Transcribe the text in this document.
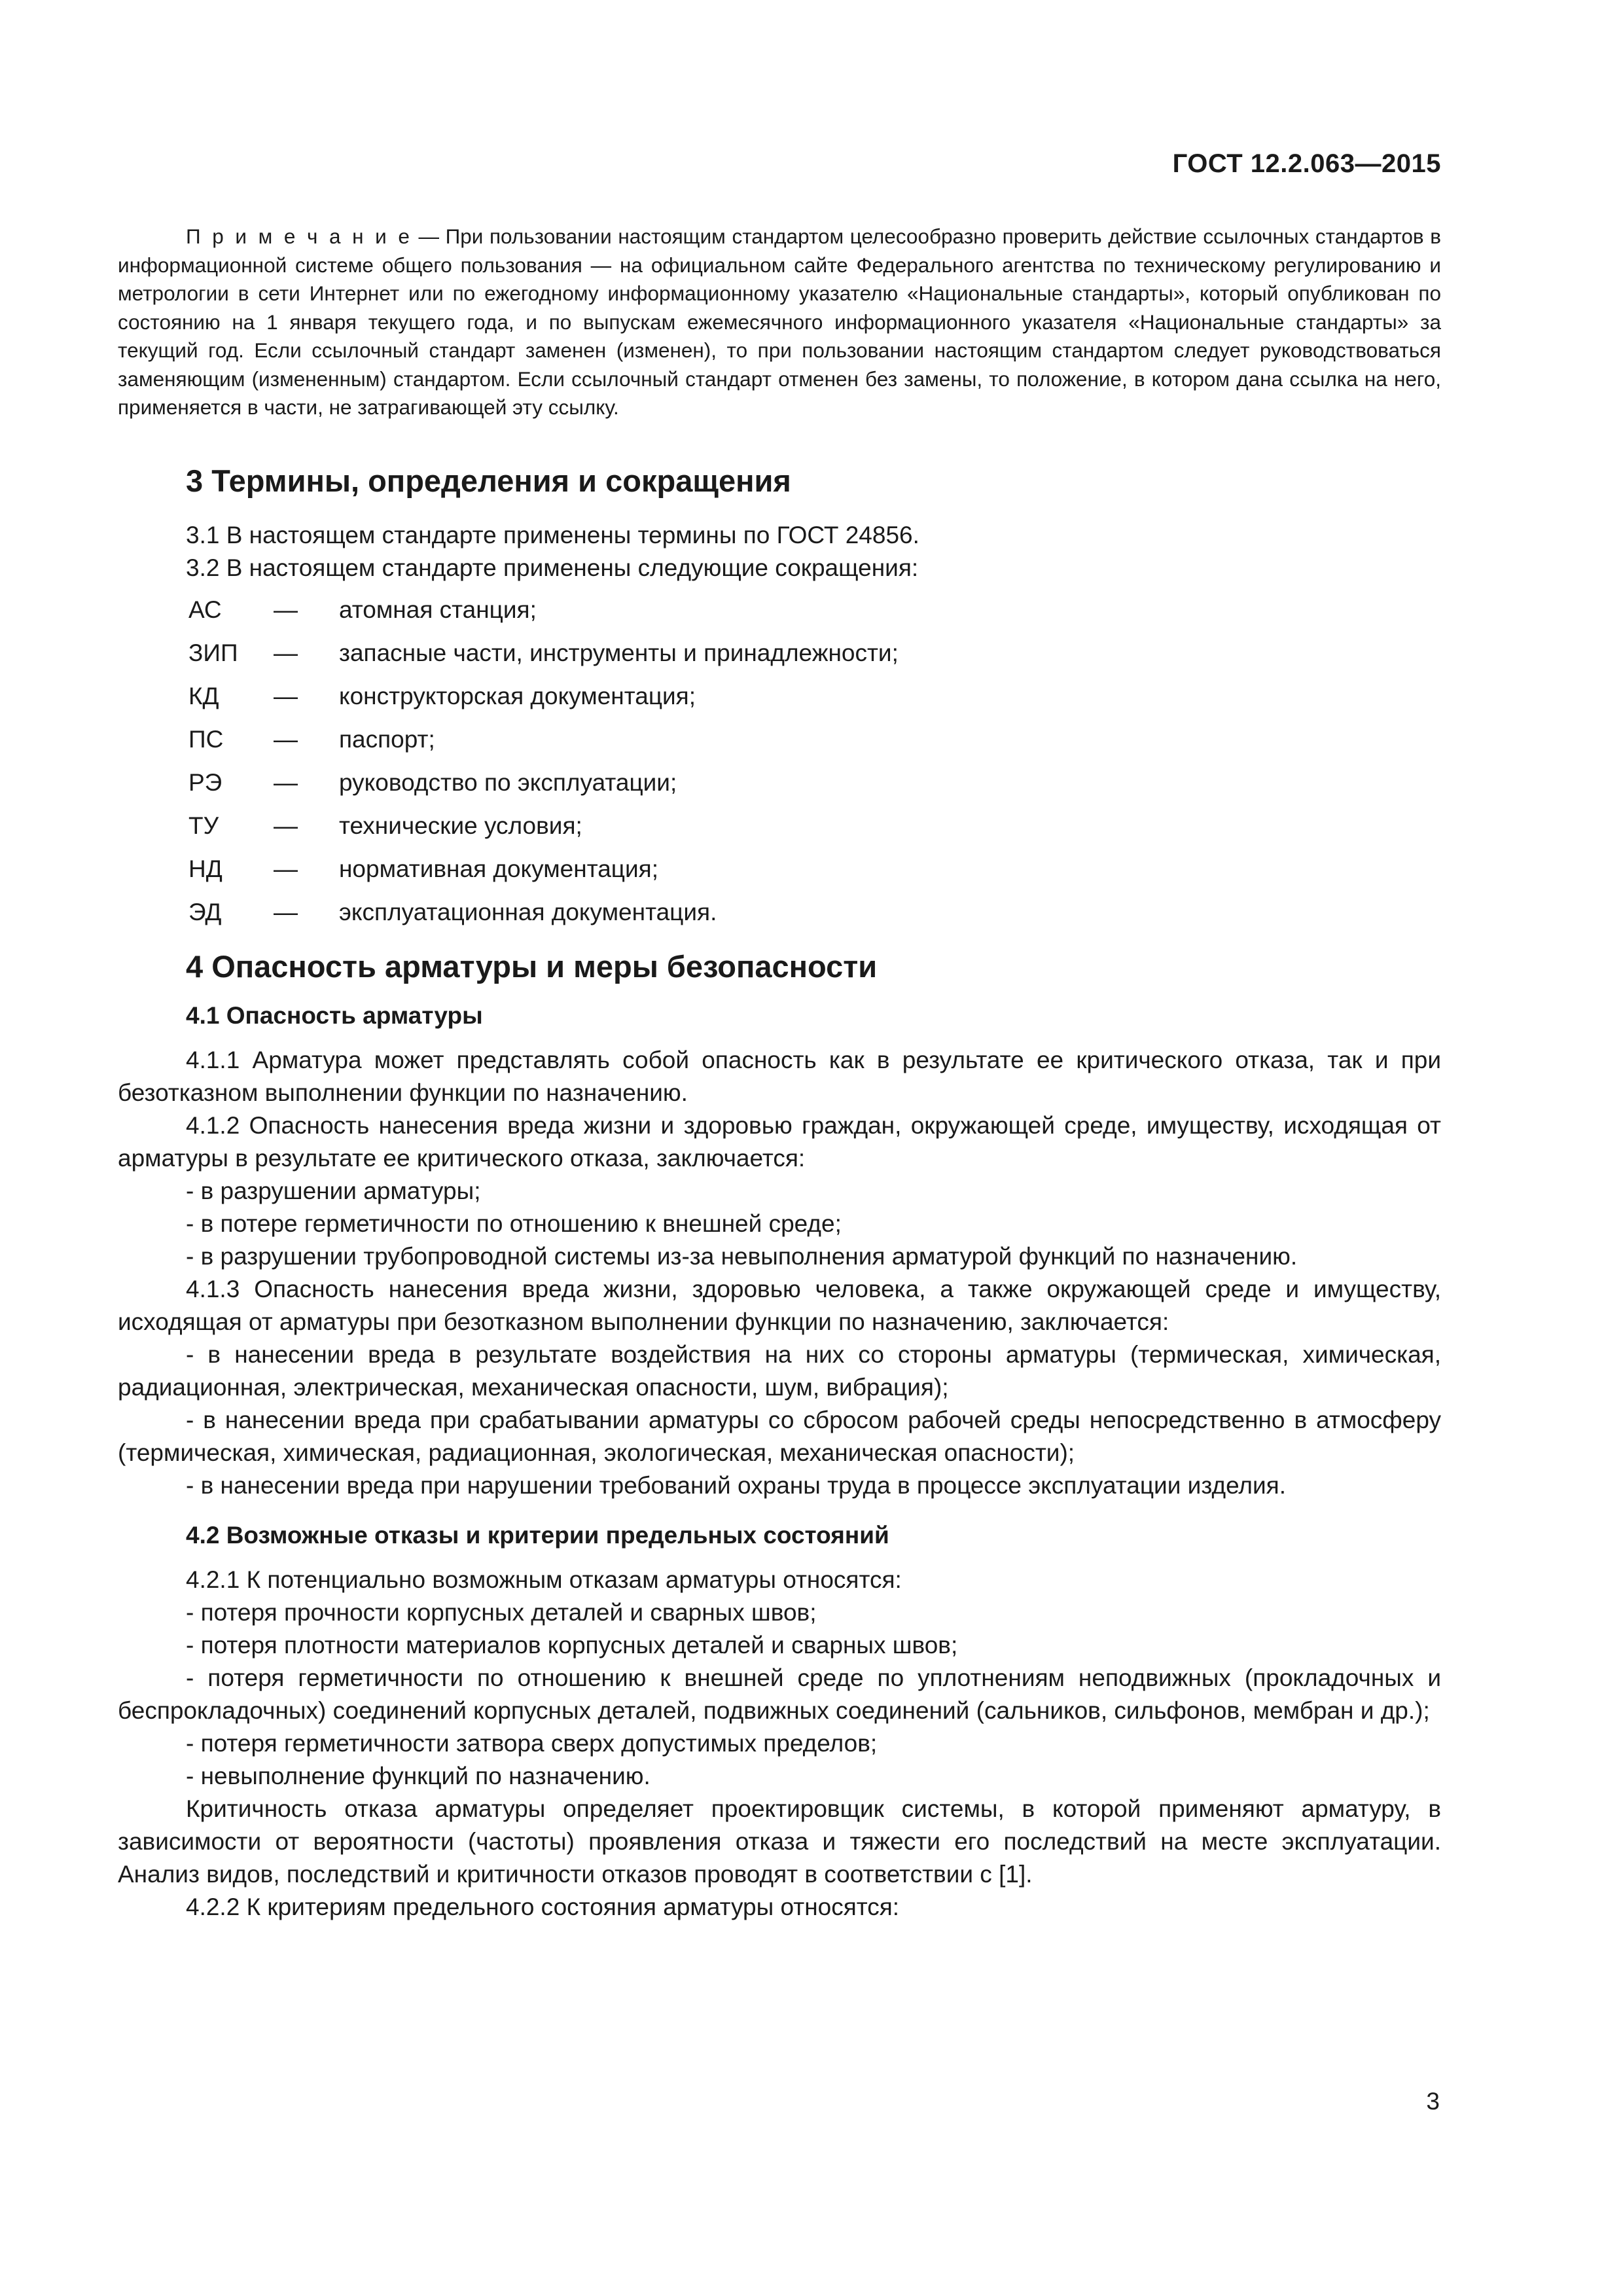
ГОСТ 12.2.063—2015

П р и м е ч а н и е — При пользовании настоящим стандартом целесообразно проверить действие ссылочных стандартов в информационной системе общего пользования — на официальном сайте Федерального агентства по техническому регулированию и метрологии в сети Интернет или по ежегодному информационному указателю «Национальные стандарты», который опубликован по состоянию на 1 января текущего года, и по выпускам ежемесячного информационного указателя «Национальные стандарты» за текущий год. Если ссылочный стандарт заменен (изменен), то при пользовании настоящим стандартом следует руководствоваться заменяющим (измененным) стандартом. Если ссылочный стандарт отменен без замены, то положение, в котором дана ссылка на него, применяется в части, не затрагивающей эту ссылку.

3 Термины, определения и сокращения

3.1 В настоящем стандарте применены термины по ГОСТ 24856.

3.2 В настоящем стандарте применены следующие сокращения:

АС	—	атомная станция;
ЗИП	—	запасные части, инструменты и принадлежности;
КД	—	конструкторская документация;
ПС	—	паспорт;
РЭ	—	руководство по эксплуатации;
ТУ	—	технические условия;
НД	—	нормативная документация;
ЭД	—	эксплуатационная документация.
4 Опасность арматуры и меры безопасности
4.1 Опасность арматуры

4.1.1 Арматура может представлять собой опасность как в результате ее критического отказа, так и при безотказном выполнении функции по назначению.

4.1.2 Опасность нанесения вреда жизни и здоровью граждан, окружающей среде, имуществу, исходящая от арматуры в результате ее критического отказа, заключается:

- в разрушении арматуры;

- в потере герметичности по отношению к внешней среде;

- в разрушении трубопроводной системы из-за невыполнения арматурой функций по назначению.

4.1.3 Опасность нанесения вреда жизни, здоровью человека, а также окружающей среде и имуществу, исходящая от арматуры при безотказном выполнении функции по назначению, заключается:

- в нанесении вреда в результате воздействия на них со стороны арматуры (термическая, химическая, радиационная, электрическая, механическая опасности, шум, вибрация);

- в нанесении вреда при срабатывании арматуры со сбросом рабочей среды непосредственно в атмосферу (термическая, химическая, радиационная, экологическая, механическая опасности);

- в нанесении вреда при нарушении требований охраны труда в процессе эксплуатации изделия.

4.2 Возможные отказы и критерии предельных состояний

4.2.1 К потенциально возможным отказам арматуры относятся:

- потеря прочности корпусных деталей и сварных швов;

- потеря плотности материалов корпусных деталей и сварных швов;

- потеря герметичности по отношению к внешней среде по уплотнениям неподвижных (прокладочных и беспрокладочных) соединений корпусных деталей, подвижных соединений (сальников, сильфонов, мембран и др.);

- потеря герметичности затвора сверх допустимых пределов;

- невыполнение функций по назначению.

Критичность отказа арматуры определяет проектировщик системы, в которой применяют арматуру, в зависимости от вероятности (частоты) проявления отказа и тяжести его последствий на месте эксплуатации. Анализ видов, последствий и критичности отказов проводят в соответствии с [1].

4.2.2 К критериям предельного состояния арматуры относятся:

3
